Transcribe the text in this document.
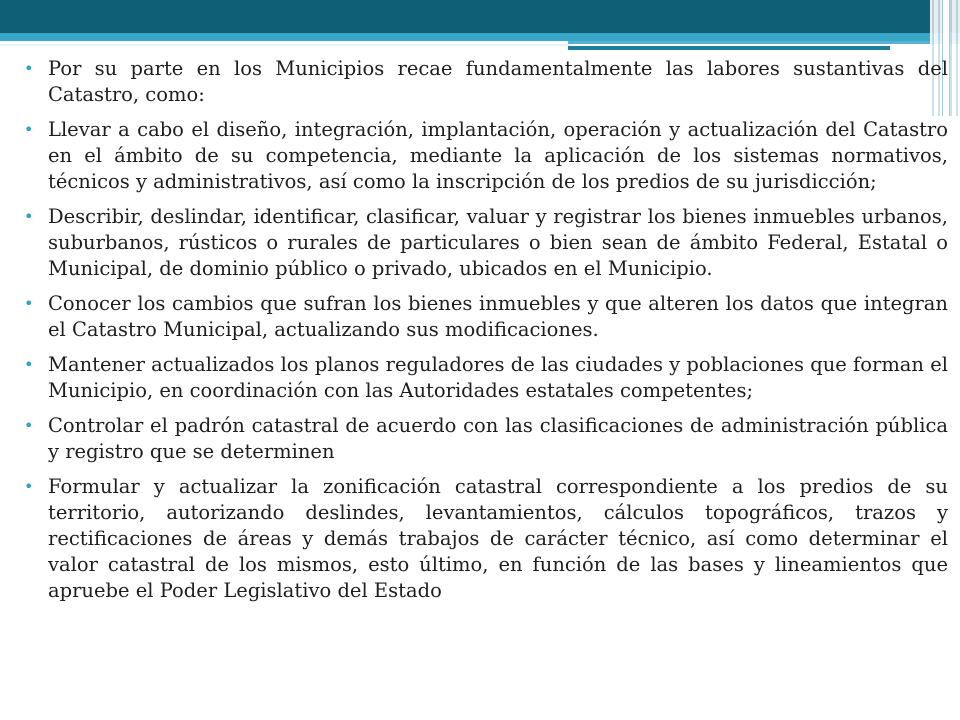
• Por su parte en los Municipios recae fundamentalmente las labores sustantivas del Catastro, como:
• Llevar a cabo el diseño, integración, implantación, operación y actualización del Catastro en el ámbito de su competencia, mediante la aplicación de los sistemas normativos, técnicos y administrativos, así como la inscripción de los predios de su jurisdicción;
• Describir, deslindar, identificar, clasificar, valuar y registrar los bienes inmuebles urbanos, suburbanos, rústicos o rurales de particulares o bien sean de ámbito Federal, Estatal o Municipal, de dominio público o privado, ubicados en el Municipio.
• Conocer los cambios que sufran los bienes inmuebles y que alteren los datos que integran el Catastro Municipal, actualizando sus modificaciones.
• Mantener actualizados los planos reguladores de las ciudades y poblaciones que forman el Municipio, en coordinación con las Autoridades estatales competentes;
• Controlar el padrón catastral de acuerdo con las clasificaciones de administración pública y registro que se determinen
• Formular y actualizar la zonificación catastral correspondiente a los predios de su territorio, autorizando deslindes, levantamientos, cálculos topográficos, trazos y rectificaciones de áreas y demás trabajos de carácter técnico, así como determinar el valor catastral de los mismos, esto último, en función de las bases y lineamientos que apruebe el Poder Legislativo del Estado
